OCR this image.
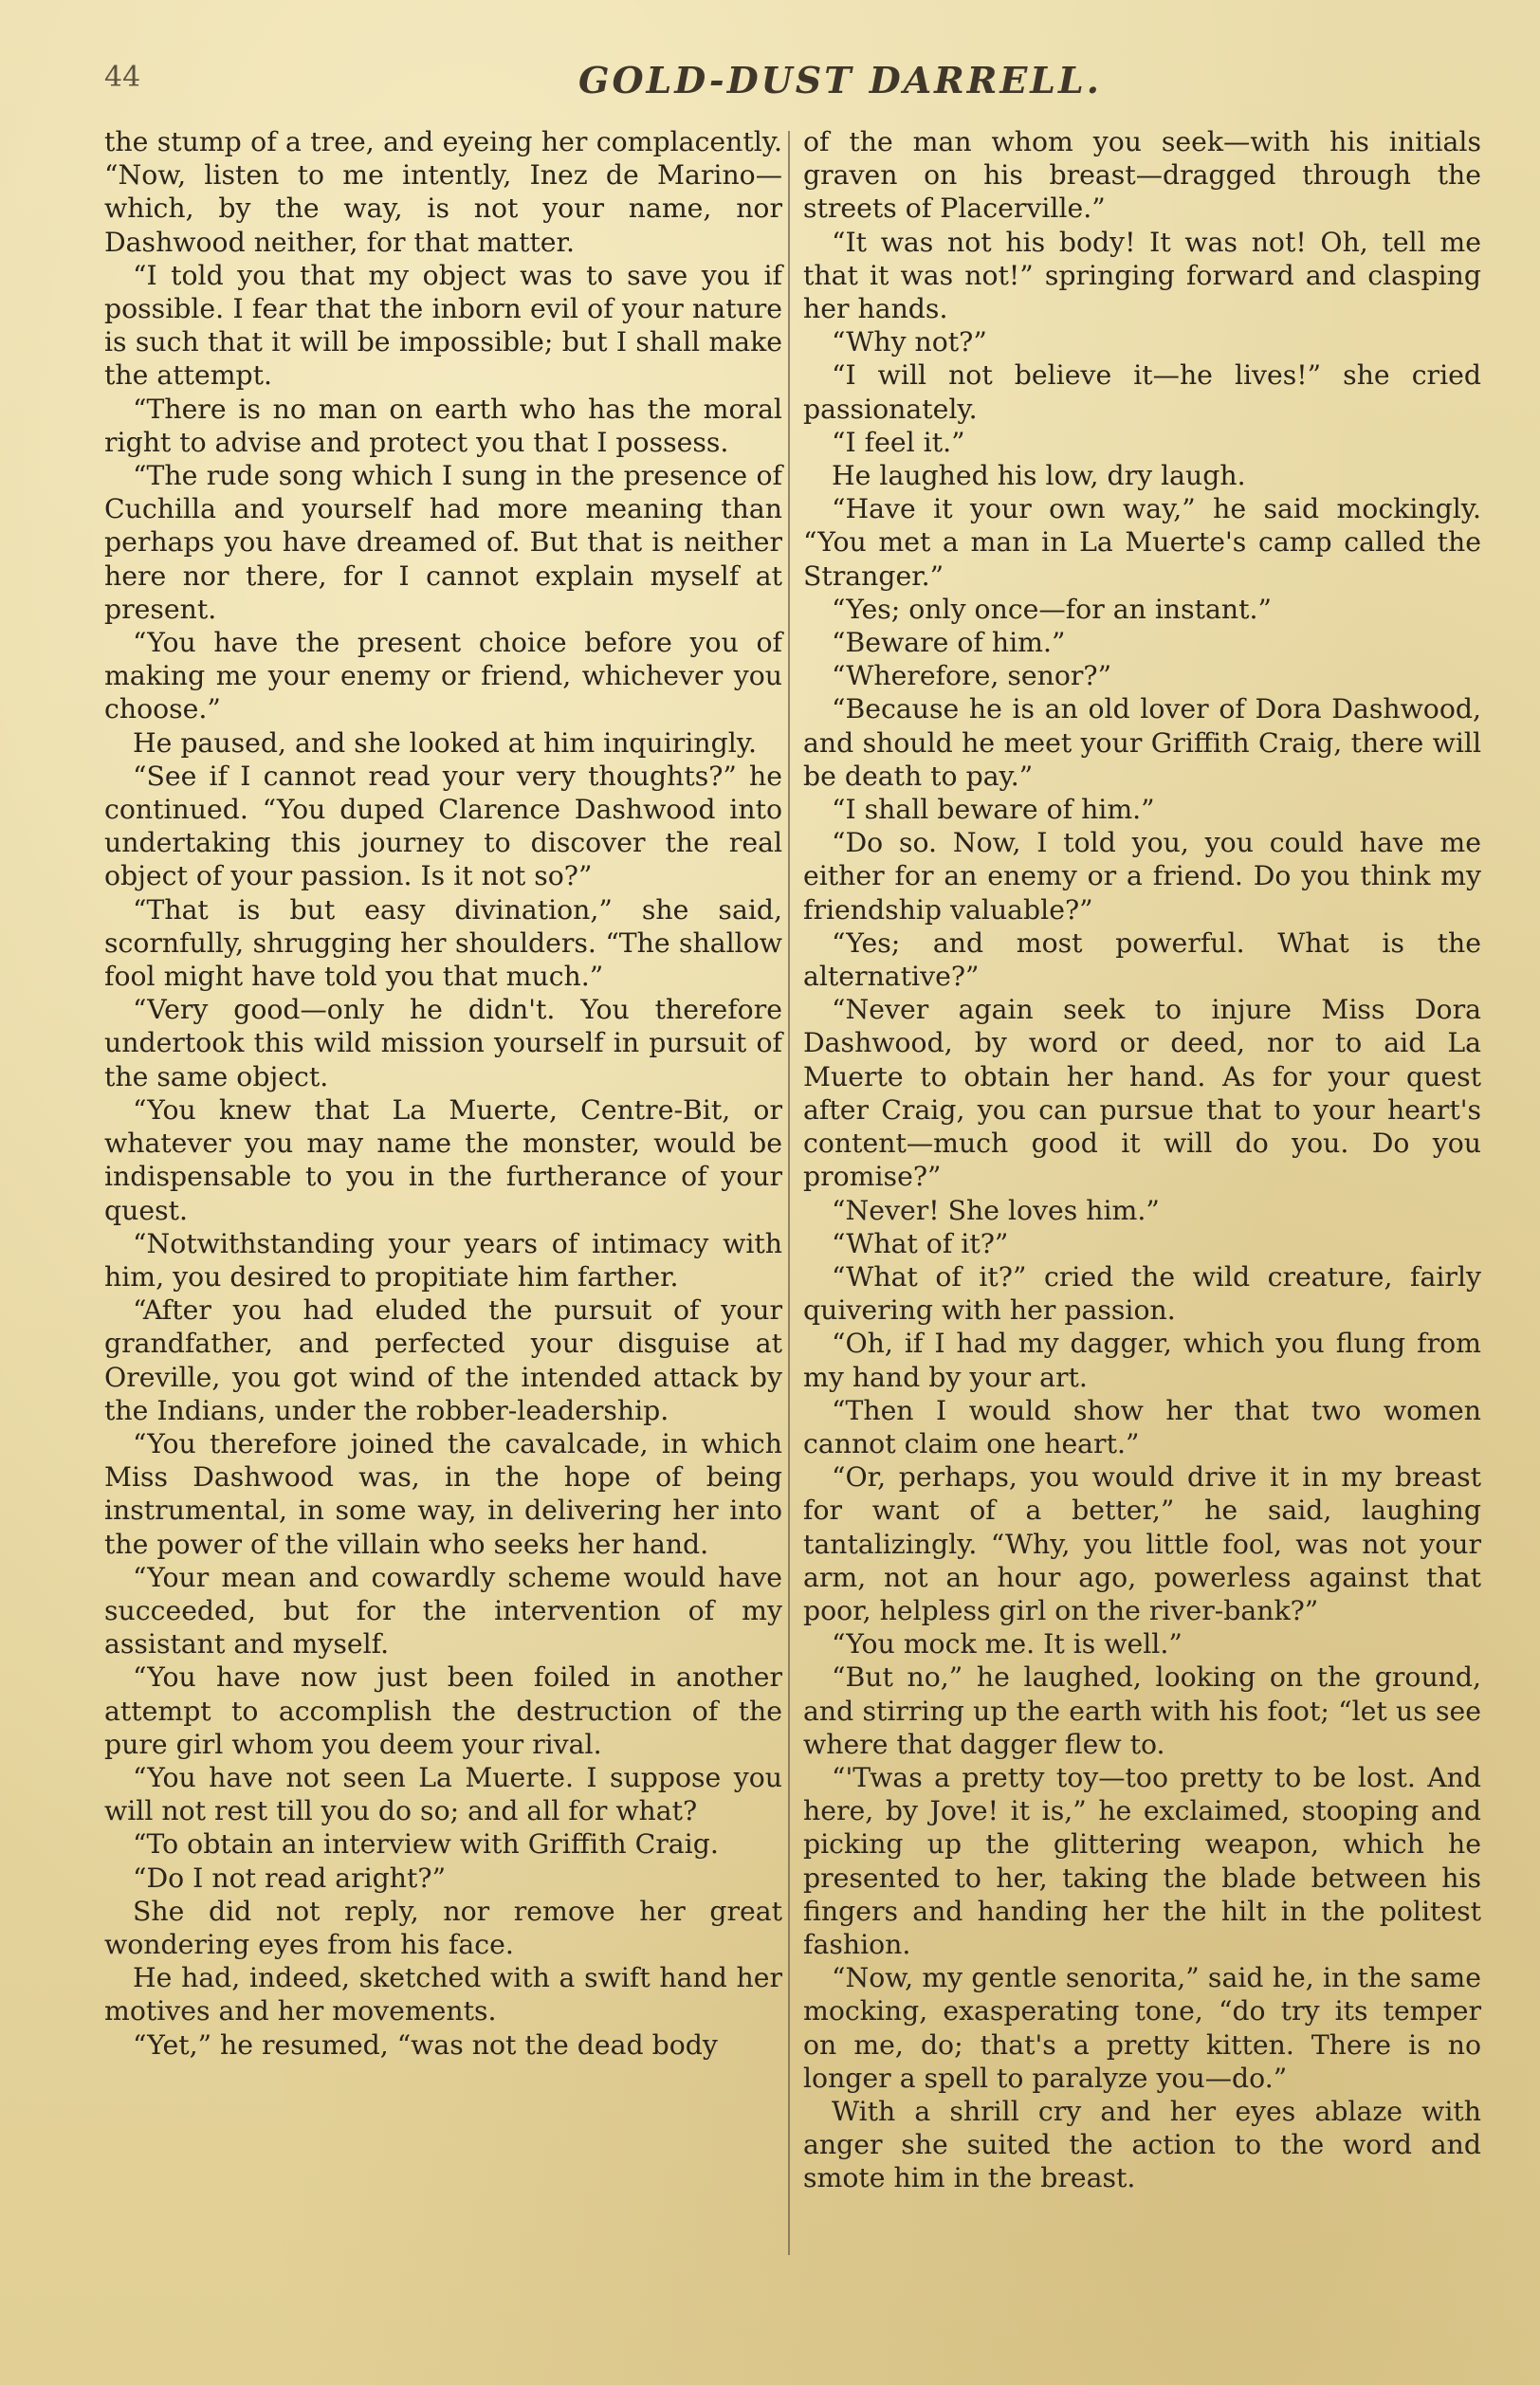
44	GOLD-DUST DARRELL.

the stump of a tree, and eyeing her complacently. “Now, listen to me intently, Inez de Marino—which, by the way, is not your name, nor Dashwood neither, for that matter.

“I told you that my object was to save you if possible. I fear that the inborn evil of your nature is such that it will be impossible; but I shall make the attempt.

“There is no man on earth who has the moral right to advise and protect you that I possess.

“The rude song which I sung in the presence of Cuchilla and yourself had more meaning than perhaps you have dreamed of. But that is neither here nor there, for I cannot explain myself at present.

“You have the present choice before you of making me your enemy or friend, whichever you choose.”

He paused, and she looked at him inquiringly.

“See if I cannot read your very thoughts?” he continued. “You duped Clarence Dashwood into undertaking this journey to discover the real object of your passion. Is it not so?”

“That is but easy divination,” she said, scornfully, shrugging her shoulders. “The shallow fool might have told you that much.”

“Very good—only he didn't. You therefore undertook this wild mission yourself in pursuit of the same object.

“You knew that La Muerte, Centre-Bit, or whatever you may name the monster, would be indispensable to you in the furtherance of your quest.

“Notwithstanding your years of intimacy with him, you desired to propitiate him farther.

“After you had eluded the pursuit of your grandfather, and perfected your disguise at Oreville, you got wind of the intended attack by the Indians, under the robber-leadership.

“You therefore joined the cavalcade, in which Miss Dashwood was, in the hope of being instrumental, in some way, in delivering her into the power of the villain who seeks her hand.

“Your mean and cowardly scheme would have succeeded, but for the intervention of my assistant and myself.

“You have now just been foiled in another attempt to accomplish the destruction of the pure girl whom you deem your rival.

“You have not seen La Muerte. I suppose you will not rest till you do so; and all for what?

“To obtain an interview with Griffith Craig.

“Do I not read aright?”

She did not reply, nor remove her great wondering eyes from his face.

He had, indeed, sketched with a swift hand her motives and her movements.

“Yet,” he resumed, “was not the dead body

of the man whom you seek—with his initials graven on his breast—dragged through the streets of Placerville.”

“It was not his body! It was not! Oh, tell me that it was not!” springing forward and clasping her hands.

“Why not?”

“I will not believe it—he lives!” she cried passionately.

“I feel it.”

He laughed his low, dry laugh.

“Have it your own way,” he said mockingly. “You met a man in La Muerte's camp called the Stranger.”

“Yes; only once—for an instant.”

“Beware of him.”

“Wherefore, senor?”

“Because he is an old lover of Dora Dashwood, and should he meet your Griffith Craig, there will be death to pay.”

“I shall beware of him.”

“Do so. Now, I told you, you could have me either for an enemy or a friend. Do you think my friendship valuable?”

“Yes; and most powerful. What is the alternative?”

“Never again seek to injure Miss Dora Dashwood, by word or deed, nor to aid La Muerte to obtain her hand. As for your quest after Craig, you can pursue that to your heart's content—much good it will do you. Do you promise?”

“Never! She loves him.”

“What of it?”

“What of it?” cried the wild creature, fairly quivering with her passion.

“Oh, if I had my dagger, which you flung from my hand by your art.

“Then I would show her that two women cannot claim one heart.”

“Or, perhaps, you would drive it in my breast for want of a better,” he said, laughing tantalizingly. “Why, you little fool, was not your arm, not an hour ago, powerless against that poor, helpless girl on the river-bank?”

“You mock me. It is well.”

“But no,” he laughed, looking on the ground, and stirring up the earth with his foot; “let us see where that dagger flew to.

“'Twas a pretty toy—too pretty to be lost. And here, by Jove! it is,” he exclaimed, stooping and picking up the glittering weapon, which he presented to her, taking the blade between his fingers and handing her the hilt in the politest fashion.

“Now, my gentle senorita,” said he, in the same mocking, exasperating tone, “do try its temper on me, do; that's a pretty kitten. There is no longer a spell to paralyze you—do.”

With a shrill cry and her eyes ablaze with anger she suited the action to the word and smote him in the breast.
